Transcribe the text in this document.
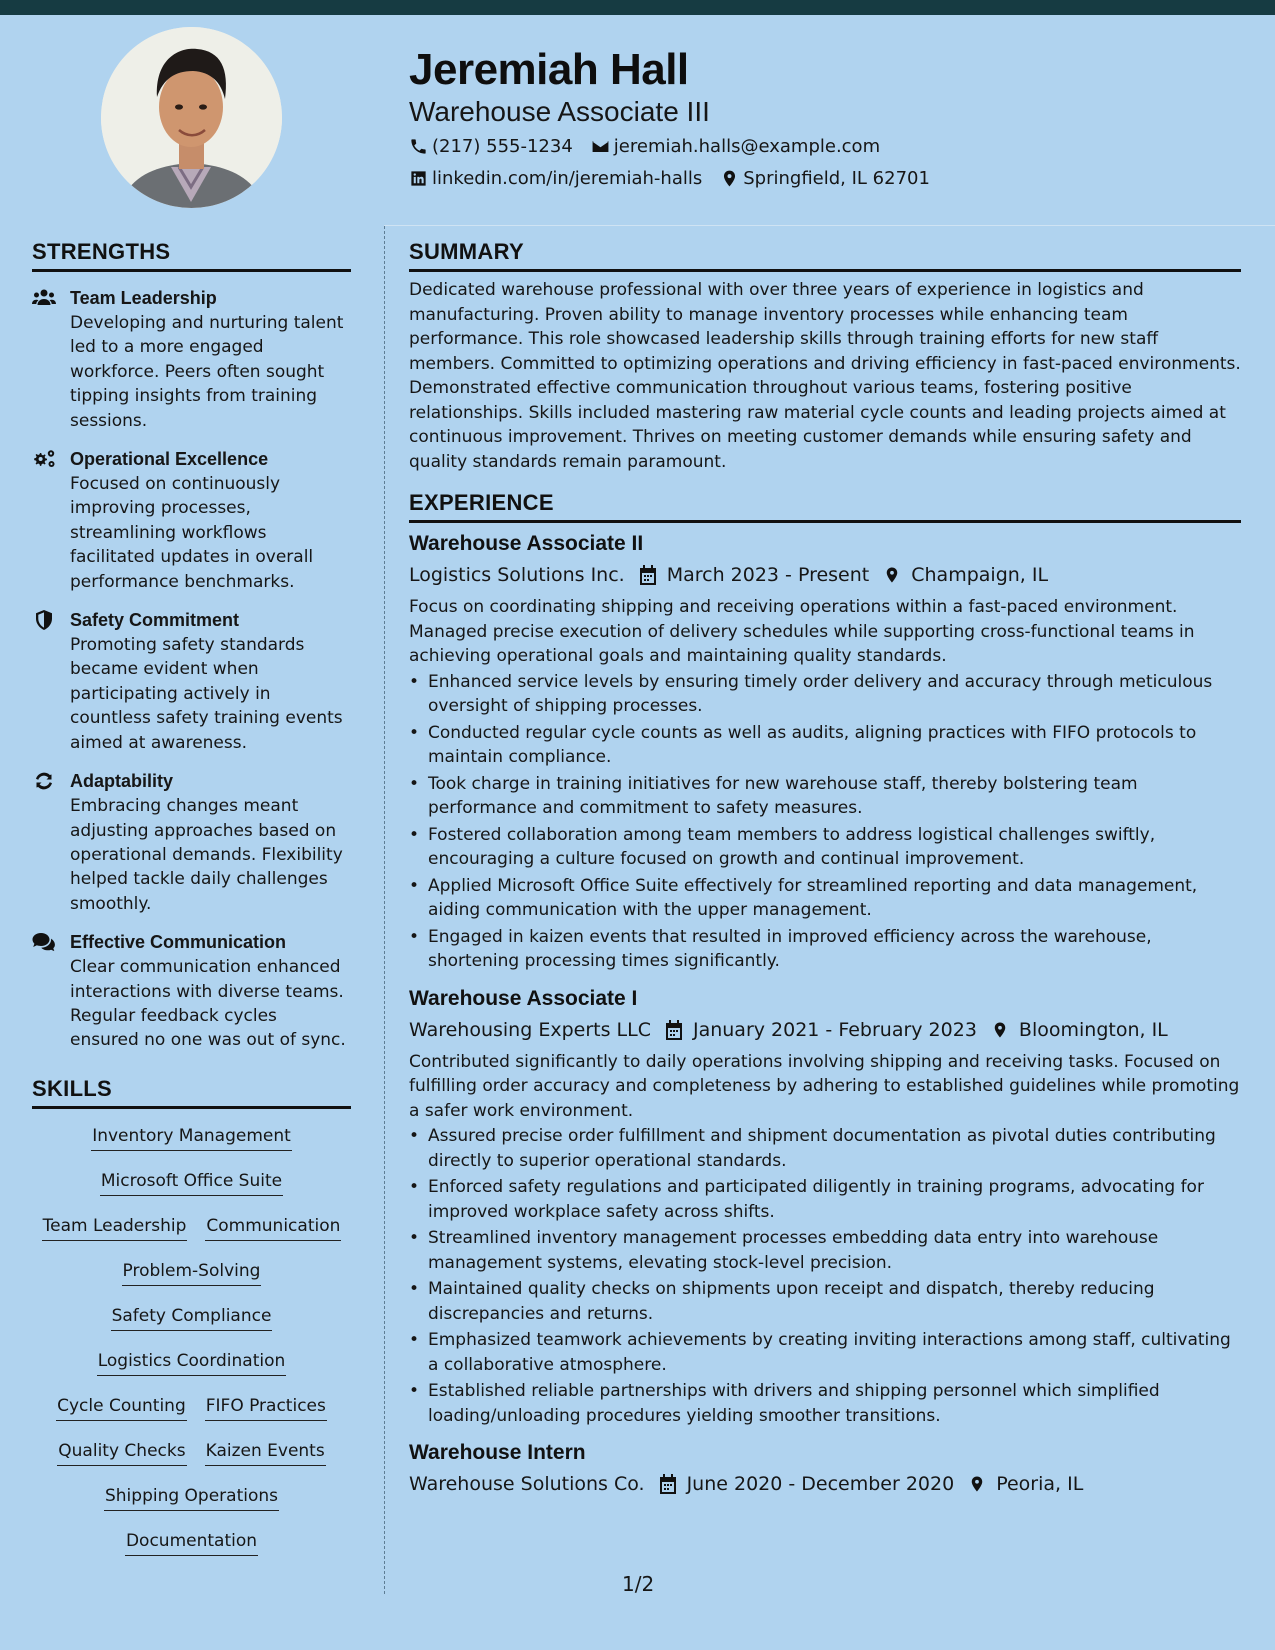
Jeremiah Hall
Warehouse Associate III
(217) 555-1234 jeremiah.halls@example.com
linkedin.com/in/jeremiah-halls Springfield, IL 62701
STRENGTHS
Team Leadership
Developing and nurturing talent led to a more engaged workforce. Peers often sought tipping insights from training sessions.
Operational Excellence
Focused on continuously improving processes, streamlining workflows facilitated updates in overall performance benchmarks.
Safety Commitment
Promoting safety standards became evident when participating actively in countless safety training events aimed at awareness.
Adaptability
Embracing changes meant adjusting approaches based on operational demands. Flexibility helped tackle daily challenges smoothly.
Effective Communication
Clear communication enhanced interactions with diverse teams. Regular feedback cycles ensured no one was out of sync.
SKILLS
Inventory Management
Microsoft Office Suite
Team Leadership Communication
Problem-Solving
Safety Compliance
Logistics Coordination
Cycle Counting FIFO Practices
Quality Checks Kaizen Events
Shipping Operations
Documentation
SUMMARY
Dedicated warehouse professional with over three years of experience in logistics and manufacturing. Proven ability to manage inventory processes while enhancing team performance. This role showcased leadership skills through training efforts for new staff members. Committed to optimizing operations and driving efficiency in fast-paced environments. Demonstrated effective communication throughout various teams, fostering positive relationships. Skills included mastering raw material cycle counts and leading projects aimed at continuous improvement. Thrives on meeting customer demands while ensuring safety and quality standards remain paramount.
EXPERIENCE
Warehouse Associate II
Logistics Solutions Inc. March 2023 - Present Champaign, IL
Focus on coordinating shipping and receiving operations within a fast-paced environment. Managed precise execution of delivery schedules while supporting cross-functional teams in achieving operational goals and maintaining quality standards.
• Enhanced service levels by ensuring timely order delivery and accuracy through meticulous oversight of shipping processes.
• Conducted regular cycle counts as well as audits, aligning practices with FIFO protocols to maintain compliance.
• Took charge in training initiatives for new warehouse staff, thereby bolstering team performance and commitment to safety measures.
• Fostered collaboration among team members to address logistical challenges swiftly, encouraging a culture focused on growth and continual improvement.
• Applied Microsoft Office Suite effectively for streamlined reporting and data management, aiding communication with the upper management.
• Engaged in kaizen events that resulted in improved efficiency across the warehouse, shortening processing times significantly.
Warehouse Associate I
Warehousing Experts LLC January 2021 - February 2023 Bloomington, IL
Contributed significantly to daily operations involving shipping and receiving tasks. Focused on fulfilling order accuracy and completeness by adhering to established guidelines while promoting a safer work environment.
• Assured precise order fulfillment and shipment documentation as pivotal duties contributing directly to superior operational standards.
• Enforced safety regulations and participated diligently in training programs, advocating for improved workplace safety across shifts.
• Streamlined inventory management processes embedding data entry into warehouse management systems, elevating stock-level precision.
• Maintained quality checks on shipments upon receipt and dispatch, thereby reducing discrepancies and returns.
• Emphasized teamwork achievements by creating inviting interactions among staff, cultivating a collaborative atmosphere.
• Established reliable partnerships with drivers and shipping personnel which simplified loading/unloading procedures yielding smoother transitions.
Warehouse Intern
Warehouse Solutions Co. June 2020 - December 2020 Peoria, IL
1/2
